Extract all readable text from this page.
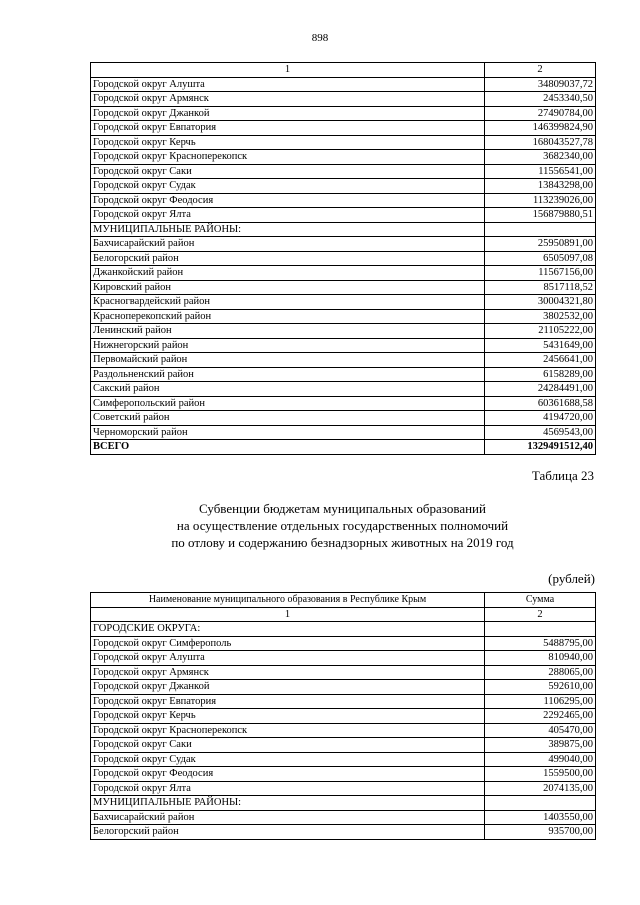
898
1	2
Городской округ Алушта	34809037,72
Городской округ Армянск	2453340,50
Городской округ Джанкой	27490784,00
Городской округ Евпатория	146399824,90
Городской округ Керчь	168043527,78
Городской округ Красноперекопск	3682340,00
Городской округ Саки	11556541,00
Городской округ Судак	13843298,00
Городской округ Феодосия	113239026,00
Городской округ Ялта	156879880,51
МУНИЦИПАЛЬНЫЕ РАЙОНЫ:	
Бахчисарайский район	25950891,00
Белогорский район	6505097,08
Джанкойский район	11567156,00
Кировский район	8517118,52
Красногвардейский район	30004321,80
Красноперекопский район	3802532,00
Ленинский район	21105222,00
Нижнегорский район	5431649,00
Первомайский район	2456641,00
Раздольненский район	6158289,00
Сакский район	24284491,00
Симферопольский район	60361688,58
Советский район	4194720,00
Черноморский район	4569543,00
ВСЕГО	1329491512,40
Таблица 23
Субвенции бюджетам муниципальных образований
на осуществление отдельных государственных полномочий
по отлову и содержанию безнадзорных животных на 2019 год
(рублей)
Наименование муниципального образования в Республике Крым	Сумма
1	2
ГОРОДСКИЕ ОКРУГА:	
Городской округ Симферополь	5488795,00
Городской округ Алушта	810940,00
Городской округ Армянск	288065,00
Городской округ Джанкой	592610,00
Городской округ Евпатория	1106295,00
Городской округ Керчь	2292465,00
Городской округ Красноперекопск	405470,00
Городской округ Саки	389875,00
Городской округ Судак	499040,00
Городской округ Феодосия	1559500,00
Городской округ Ялта	2074135,00
МУНИЦИПАЛЬНЫЕ РАЙОНЫ:	
Бахчисарайский район	1403550,00
Белогорский район	935700,00
